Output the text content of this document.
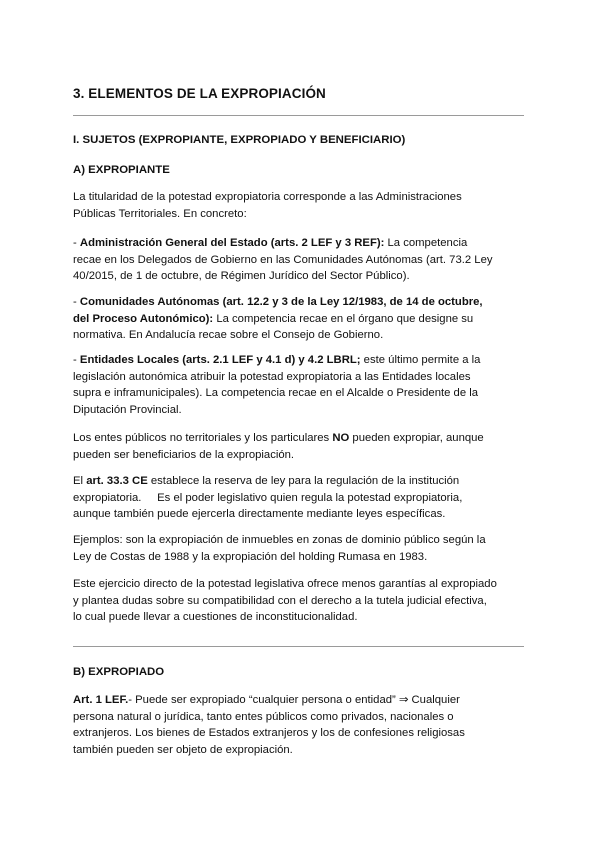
3. ELEMENTOS DE LA EXPROPIACIÓN
I. SUJETOS (EXPROPIANTE, EXPROPIADO Y BENEFICIARIO)
A) EXPROPIANTE

La titularidad de la potestad expropiatoria corresponde a las Administraciones
Públicas Territoriales. En concreto:

- Administración General del Estado (arts. 2 LEF y 3 REF): La competencia
recae en los Delegados de Gobierno en las Comunidades Autónomas (art. 73.2 Ley
40/2015, de 1 de octubre, de Régimen Jurídico del Sector Público).

- Comunidades Autónomas (art. 12.2 y 3 de la Ley 12/1983, de 14 de octubre,
del Proceso Autonómico): La competencia recae en el órgano que designe su
normativa. En Andalucía recae sobre el Consejo de Gobierno.

- Entidades Locales (arts. 2.1 LEF y 4.1 d) y 4.2 LBRL; este último permite a la
legislación autonómica atribuir la potestad expropiatoria a las Entidades locales
supra e inframunicipales). La competencia recae en el Alcalde o Presidente de la
Diputación Provincial.

Los entes públicos no territoriales y los particulares NO pueden expropiar, aunque
pueden ser beneficiarios de la expropiación.

El art. 33.3 CE establece la reserva de ley para la regulación de la institución
expropiatoria.     Es el poder legislativo quien regula la potestad expropiatoria,
aunque también puede ejercerla directamente mediante leyes específicas.

Ejemplos: son la expropiación de inmuebles en zonas de dominio público según la
Ley de Costas de 1988 y la expropiación del holding Rumasa en 1983.

Este ejercicio directo de la potestad legislativa ofrece menos garantías al expropiado
y plantea dudas sobre su compatibilidad con el derecho a la tutela judicial efectiva,
lo cual puede llevar a cuestiones de inconstitucionalidad.

B) EXPROPIADO

Art. 1 LEF.- Puede ser expropiado “cualquier persona o entidad” ⇒ Cualquier
persona natural o jurídica, tanto entes públicos como privados, nacionales o
extranjeros. Los bienes de Estados extranjeros y los de confesiones religiosas
también pueden ser objeto de expropiación.
